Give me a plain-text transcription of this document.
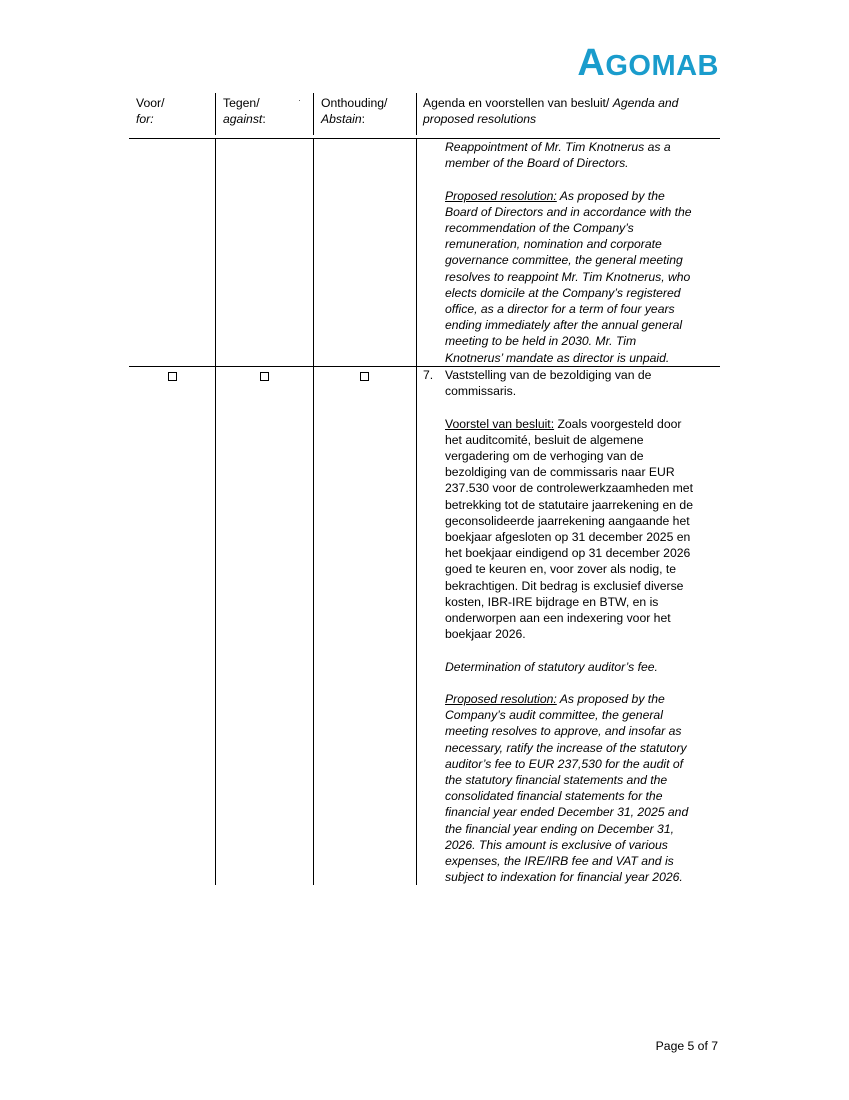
AGOMAB
Voor/
for:
Tegen/
against:
Onthouding/
Abstain:
Agenda en voorstellen van besluit/ Agenda and
proposed resolutions
Reappointment of Mr. Tim Knotnerus as a
member of the Board of Directors.
Proposed resolution: As proposed by the
Board of Directors and in accordance with the
recommendation of the Company’s
remuneration, nomination and corporate
governance committee, the general meeting
resolves to reappoint Mr. Tim Knotnerus, who
elects domicile at the Company’s registered
office, as a director for a term of four years
ending immediately after the annual general
meeting to be held in 2030. Mr. Tim
Knotnerus’ mandate as director is unpaid.
7. Vaststelling van de bezoldiging van de
commissaris.
Voorstel van besluit: Zoals voorgesteld door
het auditcomité, besluit de algemene
vergadering om de verhoging van de
bezoldiging van de commissaris naar EUR
237.530 voor de controlewerkzaamheden met
betrekking tot de statutaire jaarrekening en de
geconsolideerde jaarrekening aangaande het
boekjaar afgesloten op 31 december 2025 en
het boekjaar eindigend op 31 december 2026
goed te keuren en, voor zover als nodig, te
bekrachtigen. Dit bedrag is exclusief diverse
kosten, IBR-IRE bijdrage en BTW, en is
onderworpen aan een indexering voor het
boekjaar 2026.
Determination of statutory auditor’s fee.
Proposed resolution: As proposed by the
Company’s audit committee, the general
meeting resolves to approve, and insofar as
necessary, ratify the increase of the statutory
auditor’s fee to EUR 237,530 for the audit of
the statutory financial statements and the
consolidated financial statements for the
financial year ended December 31, 2025 and
the financial year ending on December 31,
2026. This amount is exclusive of various
expenses, the IRE/IRB fee and VAT and is
subject to indexation for financial year 2026.
Page 5 of 7
